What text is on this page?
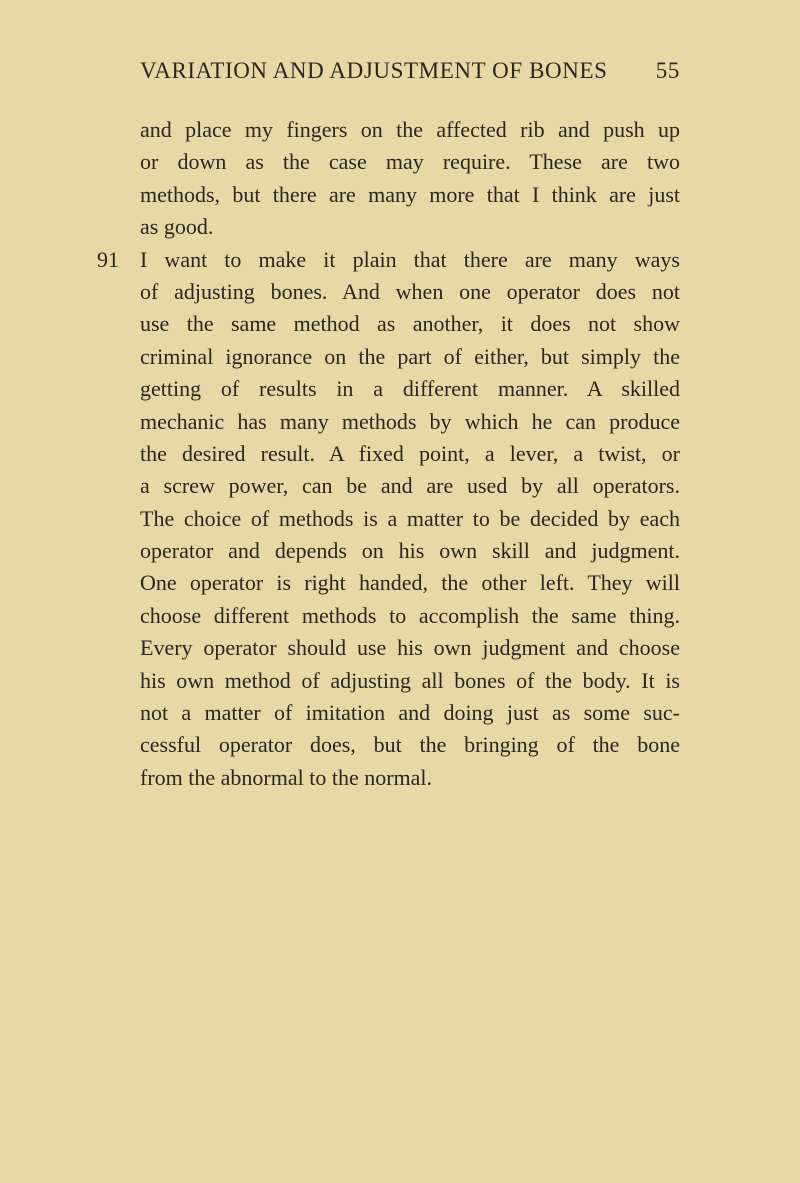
VARIATION AND ADJUSTMENT OF BONES 55
and place my fingers on the affected rib and push up
or down as the case may require. These are two
methods, but there are many more that I think are just
as good.
91 I want to make it plain that there are many ways
of adjusting bones. And when one operator does not
use the same method as another, it does not show
criminal ignorance on the part of either, but simply the
getting of results in a different manner. A skilled
mechanic has many methods by which he can produce
the desired result. A fixed point, a lever, a twist, or
a screw power, can be and are used by all operators.
The choice of methods is a matter to be decided by each
operator and depends on his own skill and judgment.
One operator is right handed, the other left. They will
choose different methods to accomplish the same thing.
Every operator should use his own judgment and choose
his own method of adjusting all bones of the body. It is
not a matter of imitation and doing just as some suc-
cessful operator does, but the bringing of the bone
from the abnormal to the normal.
